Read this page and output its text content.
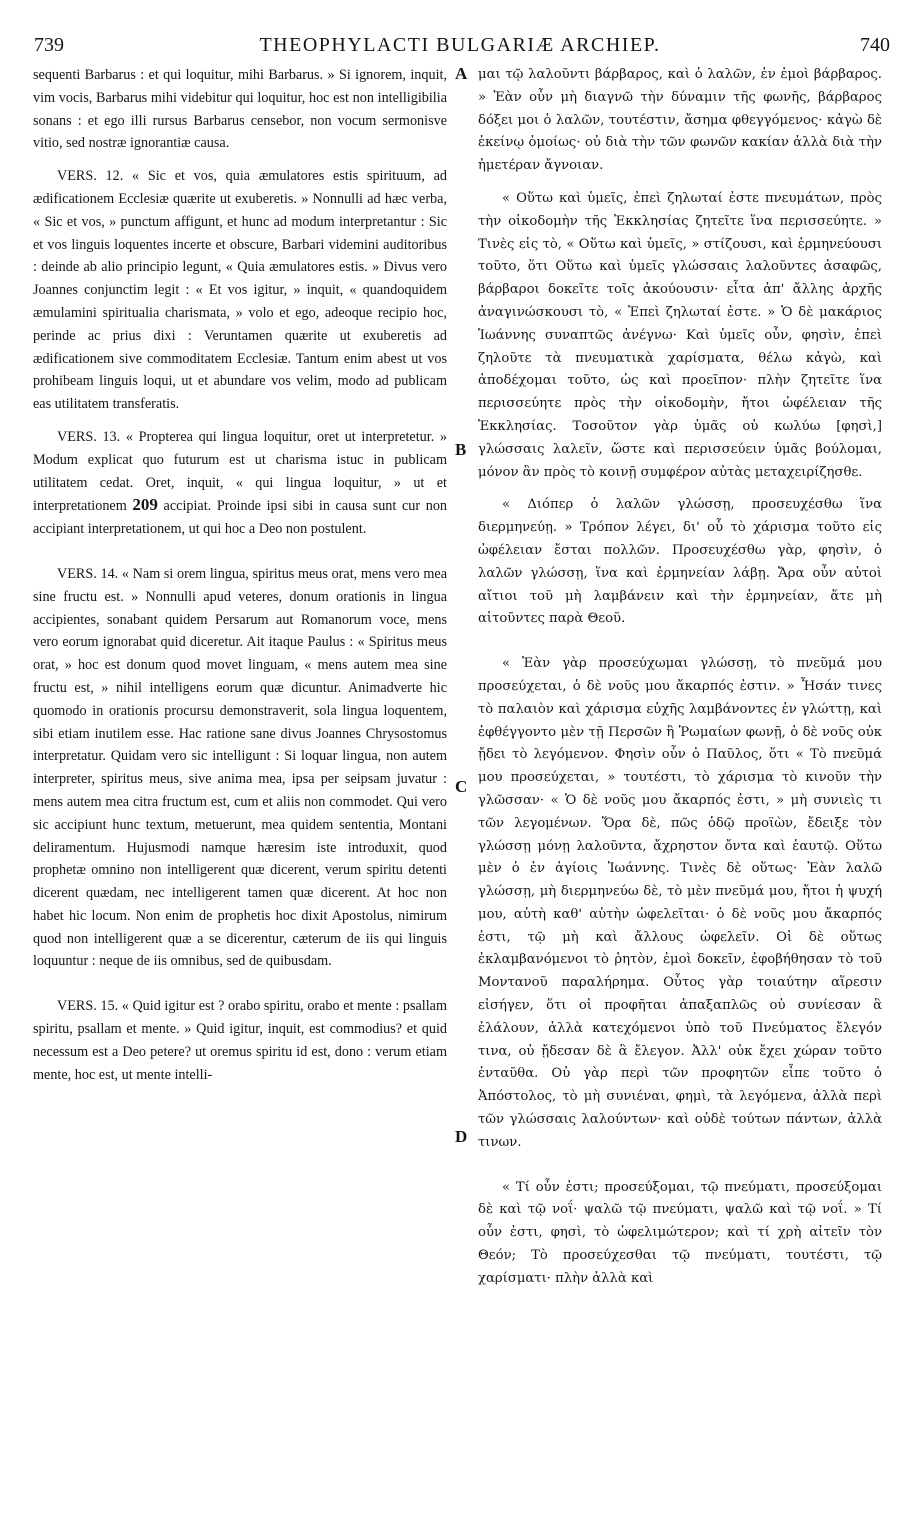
739	THEOPHYLACTI BULGARIÆ ARCHIEP.	740

sequenti Barbarus : et qui loquitur, mihi Barbarus. » Si ignorem, inquit, vim vocis, Barbarus mihi videbitur qui loquitur, hoc est non intelligibilia sonans : et ego illi rursus Barbarus censebor, non vocum sermonisve vitio, sed nostræ ignorantiæ causa.

VERS. 12. « Sic et vos, quia æmulatores estis spirituum, ad ædificationem Ecclesiæ quærite ut exuberetis. » Nonnulli ad hæc verba, « Sic et vos, » punctum affigunt, et hunc ad modum interpretantur : Sic et vos linguis loquentes incerte et obscure, Barbari videmini auditoribus : deinde ab alio principio legunt, « Quia æmulatores estis. » Divus vero Joannes conjunctim legit : « Et vos igitur, » inquit, « quandoquidem æmulamini spiritualia charismata, » volo et ego, adeoque recipio hoc, perinde ac prius dixi : Veruntamen quærite ut exuberetis ad ædificationem sive commoditatem Ecclesiæ. Tantum enim abest ut vos prohibeam linguis loqui, ut et abundare vos velim, modo ad publicam eas utilitatem transferatis.

VERS. 13. « Propterea qui lingua loquitur, oret ut interpretetur. » Modum explicat quo futurum est ut charisma istuc in publicam utilitatem cedat. Oret, inquit, « qui lingua loquitur, » ut et interpretationem 209 accipiat. Proinde ipsi sibi in causa sunt cur non accipiant interpretationem, ut qui hoc a Deo non postulent.

VERS. 14. « Nam si orem lingua, spiritus meus orat, mens vero mea sine fructu est. » Nonnulli apud veteres, donum orationis in lingua accipientes, sonabant quidem Persarum aut Romanorum voce, mens vero eorum ignorabat quid diceretur. Ait itaque Paulus : « Spiritus meus orat, » hoc est donum quod movet linguam, « mens autem mea sine fructu est, » nihil intelligens eorum quæ dicuntur. Animadverte hic quomodo in orationis procursu demonstraverit, sola lingua loquentem, sibi etiam inutilem esse. Hac ratione sane divus Joannes Chrysostomus interpretatur. Quidam vero sic intelligunt : Si loquar lingua, non autem interpreter, spiritus meus, sive anima mea, ipsa per seipsam juvatur : mens autem mea citra fructum est, cum et aliis non commodet. Qui vero sic accipiunt hunc textum, metuerunt, mea quidem sententia, Montani deliramentum. Hujusmodi namque hæresim iste introduxit, quod prophetæ omnino non intelligerent quæ dicerent, verum spiritu detenti dicerent quædam, nec intelligerent tamen quæ dicerent. At hoc non habet hic locum. Non enim de prophetis hoc dixit Apostolus, nimirum quod non intelligerent quæ a se dicerentur, cæterum de iis qui linguis loquuntur : neque de iis omnibus, sed de quibusdam.

VERS. 15. « Quid igitur est ? orabo spiritu, orabo et mente : psallam spiritu, psallam et mente. » Quid igitur, inquit, est commodius? et quid necessum est a Deo petere? ut oremus spiritu id est, dono : verum etiam mente, hoc est, ut mente intelli-

A
B
C
D

μαι τῷ λαλοῦντι βάρβαρος, καὶ ὁ λαλῶν, ἐν ἐμοὶ βάρβαρος. » Ἐὰν οὖν μὴ διαγνῶ τὴν δύναμιν τῆς φωνῆς, βάρβαρος δόξει μοι ὁ λαλῶν, τουτέστιν, ἄσημα φθεγγόμενος· κἀγὼ δὲ ἐκείνῳ ὁμοίως· οὐ διὰ τὴν τῶν φωνῶν κακίαν ἀλλὰ διὰ τὴν ἡμετέραν ἄγνοιαν.

« Οὕτω καὶ ὑμεῖς, ἐπεὶ ζηλωταί ἐστε πνευμάτων, πρὸς τὴν οἰκοδομὴν τῆς Ἐκκλησίας ζητεῖτε ἵνα περισσεύητε. » Τινὲς εἰς τὸ, « Οὕτω καὶ ὑμεῖς, » στίζουσι, καὶ ἑρμηνεύουσι τοῦτο, ὅτι Οὕτω καὶ ὑμεῖς γλώσσαις λαλοῦντες ἀσαφῶς, βάρβαροι δοκεῖτε τοῖς ἀκούουσιν· εἶτα ἀπ' ἄλλης ἀρχῆς ἀναγινώσκουσι τὸ, « Ἐπεὶ ζηλωταί ἐστε. » Ὁ δὲ μακάριος Ἰωάννης συναπτῶς ἀνέγνω· Καὶ ὑμεῖς οὖν, φησὶν, ἐπεὶ ζηλοῦτε τὰ πνευματικὰ χαρίσματα, θέλω κἀγὼ, καὶ ἀποδέχομαι τοῦτο, ὡς καὶ προεῖπον· πλὴν ζητεῖτε ἵνα περισσεύητε πρὸς τὴν οἰκοδομὴν, ἤτοι ὠφέλειαν τῆς Ἐκκλησίας. Τοσοῦτον γὰρ ὑμᾶς οὐ κωλύω [φησὶ,] γλώσσαις λαλεῖν, ὥστε καὶ περισσεύειν ὑμᾶς βούλομαι, μόνον ἂν πρὸς τὸ κοινῇ συμφέρον αὐτὰς μεταχειρίζησθε.

« Διόπερ ὁ λαλῶν γλώσσῃ, προσευχέσθω ἵνα διερμηνεύῃ. » Τρόπον λέγει, δι' οὗ τὸ χάρισμα τοῦτο εἰς ὠφέλειαν ἔσται πολλῶν. Προσευχέσθω γὰρ, φησὶν, ὁ λαλῶν γλώσσῃ, ἵνα καὶ ἑρμηνείαν λάβῃ. Ἄρα οὖν αὐτοὶ αἴτιοι τοῦ μὴ λαμβάνειν καὶ τὴν ἑρμηνείαν, ἅτε μὴ αἰτοῦντες παρὰ Θεοῦ.

« Ἐὰν γὰρ προσεύχωμαι γλώσσῃ, τὸ πνεῦμά μου προσεύχεται, ὁ δὲ νοῦς μου ἄκαρπός ἐστιν. » Ἦσάν τινες τὸ παλαιὸν καὶ χάρισμα εὐχῆς λαμβάνοντες ἐν γλώττῃ, καὶ ἐφθέγγοντο μὲν τῇ Περσῶν ἢ Ῥωμαίων φωνῇ, ὁ δὲ νοῦς οὐκ ᾔδει τὸ λεγόμενον. Φησὶν οὖν ὁ Παῦλος, ὅτι « Τὸ πνεῦμά μου προσεύχεται, » τουτέστι, τὸ χάρισμα τὸ κινοῦν τὴν γλῶσσαν· « Ὁ δὲ νοῦς μου ἄκαρπός ἐστι, » μὴ συνιεὶς τι τῶν λεγομένων. Ὅρα δὲ, πῶς ὁδῷ προϊὼν, ἔδειξε τὸν γλώσσῃ μόνῃ λαλοῦντα, ἄχρηστον ὄντα καὶ ἑαυτῷ. Οὕτω μὲν ὁ ἐν ἁγίοις Ἰωάννης. Τινὲς δὲ οὕτως· Ἐὰν λαλῶ γλώσσῃ, μὴ διερμηνεύω δὲ, τὸ μὲν πνεῦμά μου, ἤτοι ἡ ψυχή μου, αὐτὴ καθ' αὑτὴν ὠφελεῖται· ὁ δὲ νοῦς μου ἄκαρπός ἐστι, τῷ μὴ καὶ ἄλλους ὠφελεῖν. Οἱ δὲ οὕτως ἐκλαμβανόμενοι τὸ ῥητὸν, ἐμοὶ δοκεῖν, ἐφοβήθησαν τὸ τοῦ Μοντανοῦ παραλήρημα. Οὗτος γὰρ τοιαύτην αἵρεσιν εἰσήγεν, ὅτι οἱ προφῆται ἀπαξαπλῶς οὐ συνίεσαν ἃ ἐλάλουν, ἀλλὰ κατεχόμενοι ὑπὸ τοῦ Πνεύματος ἔλεγόν τινα, οὐ ᾔδεσαν δὲ ἃ ἔλεγον. Ἀλλ' οὐκ ἔχει χώραν τοῦτο ἐνταῦθα. Οὐ γὰρ περὶ τῶν προφητῶν εἶπε τοῦτο ὁ Ἀπόστολος, τὸ μὴ συνιέναι, φημὶ, τὰ λεγόμενα, ἀλλὰ περὶ τῶν γλώσσαις λαλούντων· καὶ οὐδὲ τούτων πάντων, ἀλλὰ τινων.

« Τί οὖν ἐστι; προσεύξομαι, τῷ πνεύματι, προσεύξομαι δὲ καὶ τῷ νοΐ· ψαλῶ τῷ πνεύματι, ψαλῶ καὶ τῷ νοΐ. » Τί οὖν ἐστι, φησὶ, τὸ ὠφελιμώτερον; καὶ τί χρὴ αἰτεῖν τὸν Θεόν; Τὸ προσεύχεσθαι τῷ πνεύματι, τουτέστι, τῷ χαρίσματι· πλὴν ἀλλὰ καὶ
